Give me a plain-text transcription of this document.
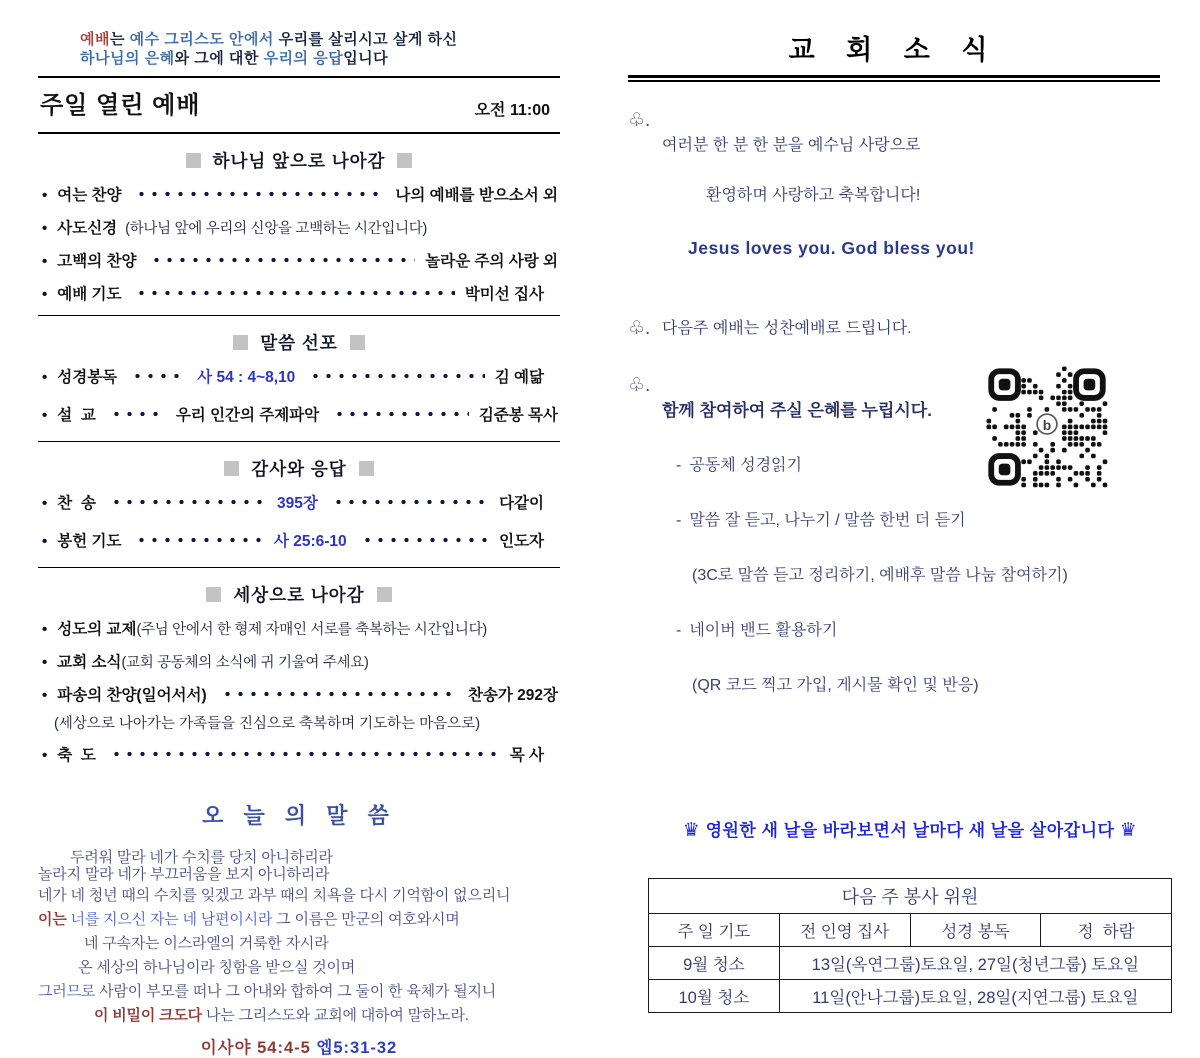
예배는 예수 그리스도 안에서 우리를 살리시고 살게 하신
하나님의 은혜와 그에 대한 우리의 응답입니다
주일 열린 예배	오전 11:00
하나님 앞으로 나아감
• 여는 찬양	나의 예배를 받으소서 외
• 사도신경 (하나님 앞에 우리의 신앙을 고백하는 시간입니다)
• 고백의 찬양	놀라운 주의 사랑 외
• 예배 기도	박미선 집사
말씀 선포
• 성경봉독	사 54 : 4~8,10	김 예닮
• 설  교	우리 인간의 주제파악	김준봉 목사
감사와 응답
• 찬  송	395장	다같이
• 봉헌 기도	사 25:6-10	인도자
세상으로 나아감
• 성도의 교제 (주님 안에서 한 형제 자매인 서로를 축복하는 시간입니다)
• 교회 소식 (교회 공동체의 소식에 귀 기울여 주세요)
• 파송의 찬양(일어서서)	찬송가 292장
(세상으로 나아가는 가족들을 진심으로 축복하며 기도하는 마음으로)
• 축  도	목 사
오 늘 의 말 씀
두려워 말라 네가 수치를 당치 아니하리라
놀라지 말라 네가 부끄러움을 보지 아니하리라
네가 네 청년 때의 수치를 잊겠고 과부 때의 치욕을 다시 기억함이 없으리니
이는 너를 지으신 자는 네 남편이시라 그 이름은 만군의 여호와시며
네 구속자는 이스라엘의 거룩한 자시라
온 세상의 하나님이라 칭함을 받으실 것이며
그러므로 사람이 부모를 떠나 그 아내와 합하여 그 둘이 한 육체가 될지니
이 비밀이 크도다 나는 그리스도와 교회에 대하여 말하노라.
이사야 54:4-5 엡5:31-32
교 회 소 식
♧.

여러분 한 분 한 분을 예수님 사랑으로

환영하며 사랑하고 축복합니다!

Jesus loves you. God bless you!

♧. 다음주 예배는 성찬예배로 드립니다.
♧.

함께 참여하여 주실 은혜를 누립시다.

- 공동체 성경읽기

- 말씀 잘 듣고, 나누기 / 말씀 한번 더 듣기

(3C로 말씀 듣고 정리하기, 예배후 말씀 나눔 참여하기)

- 네이버 밴드 활용하기

(QR 코드 찍고 가입, 게시물 확인 및 반응)

b
♛ 영원한 새 날을 바라보면서 날마다 새 날을 살아갑니다 ♛
다음 주 봉사 위원			
주 일 기도	전 인영 집사	성경 봉독	정  하람
9월 청소	13일(옥연그룹)토요일, 27일(청년그룹) 토요일		
10월 청소	11일(안나그룹)토요일, 28일(지연그룹) 토요일		
